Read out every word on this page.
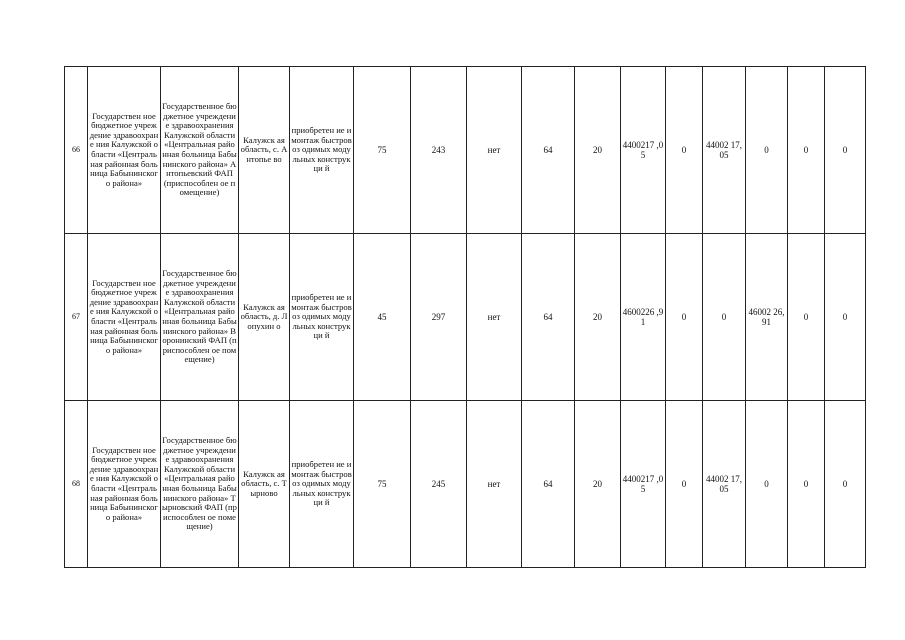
66	Государствен ное бюджетное учреждение здравоохране ния Калужской области «Центральная районная больница Бабынинского района»	Государственное бюджетное учреждение здравоохранения Калужской области «Центральная районная больница Бабынинского района» Антопьевский ФАП (приспособлен ое помещение)	Калужск ая область, с. Антопье во	приобретен ие и монтаж быстровоз одимых модульных конструкци й	75	243	нет	64	20	4400217 ,05	0	44002 17,05	0	0	0
67	Государствен ное бюджетное учреждение здравоохране ния Калужской области «Центральная районная больница Бабынинского района»	Государственное бюджетное учреждение здравоохранения Калужской области «Центральная районная больница Бабынинского района» Воронинский ФАП (приспособлен ое помещение)	Калужск ая область, д. Лопухин о	приобретен ие и монтаж быстровоз одимых модульных конструкци й	45	297	нет	64	20	4600226 ,91	0	0	46002 26,91	0	0
68	Государствен ное бюджетное учреждение здравоохране ния Калужской области «Центральная районная больница Бабынинского района»	Государственное бюджетное учреждение здравоохранения Калужской области «Центральная районная больница Бабынинского района» Тырновский ФАП (приспособлен ое помещение)	Калужск ая область, с. Тырново	приобретен ие и монтаж быстровоз одимых модульных конструкци й	75	245	нет	64	20	4400217 ,05	0	44002 17,05	0	0	0
